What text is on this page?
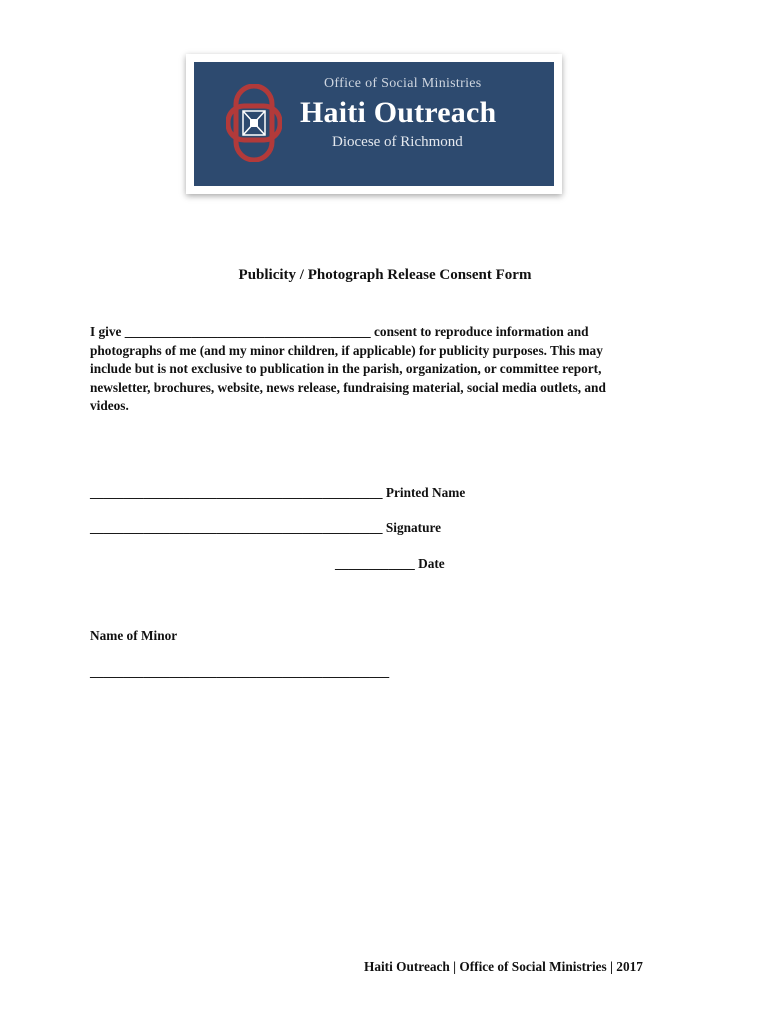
Office of Social Ministries
Haiti Outreach
Diocese of Richmond
Publicity / Photograph Release Consent Form
I give _____________________________________ consent to reproduce information and
photographs of me (and my minor children, if applicable) for publicity purposes. This may
include but is not exclusive to publication in the parish, organization, or committee report,
newsletter, brochures, website, news release, fundraising material, social media outlets, and
videos.
____________________________________________ Printed Name
____________________________________________ Signature
____________ Date
Name of Minor
_____________________________________________
Haiti Outreach | Office of Social Ministries | 2017
